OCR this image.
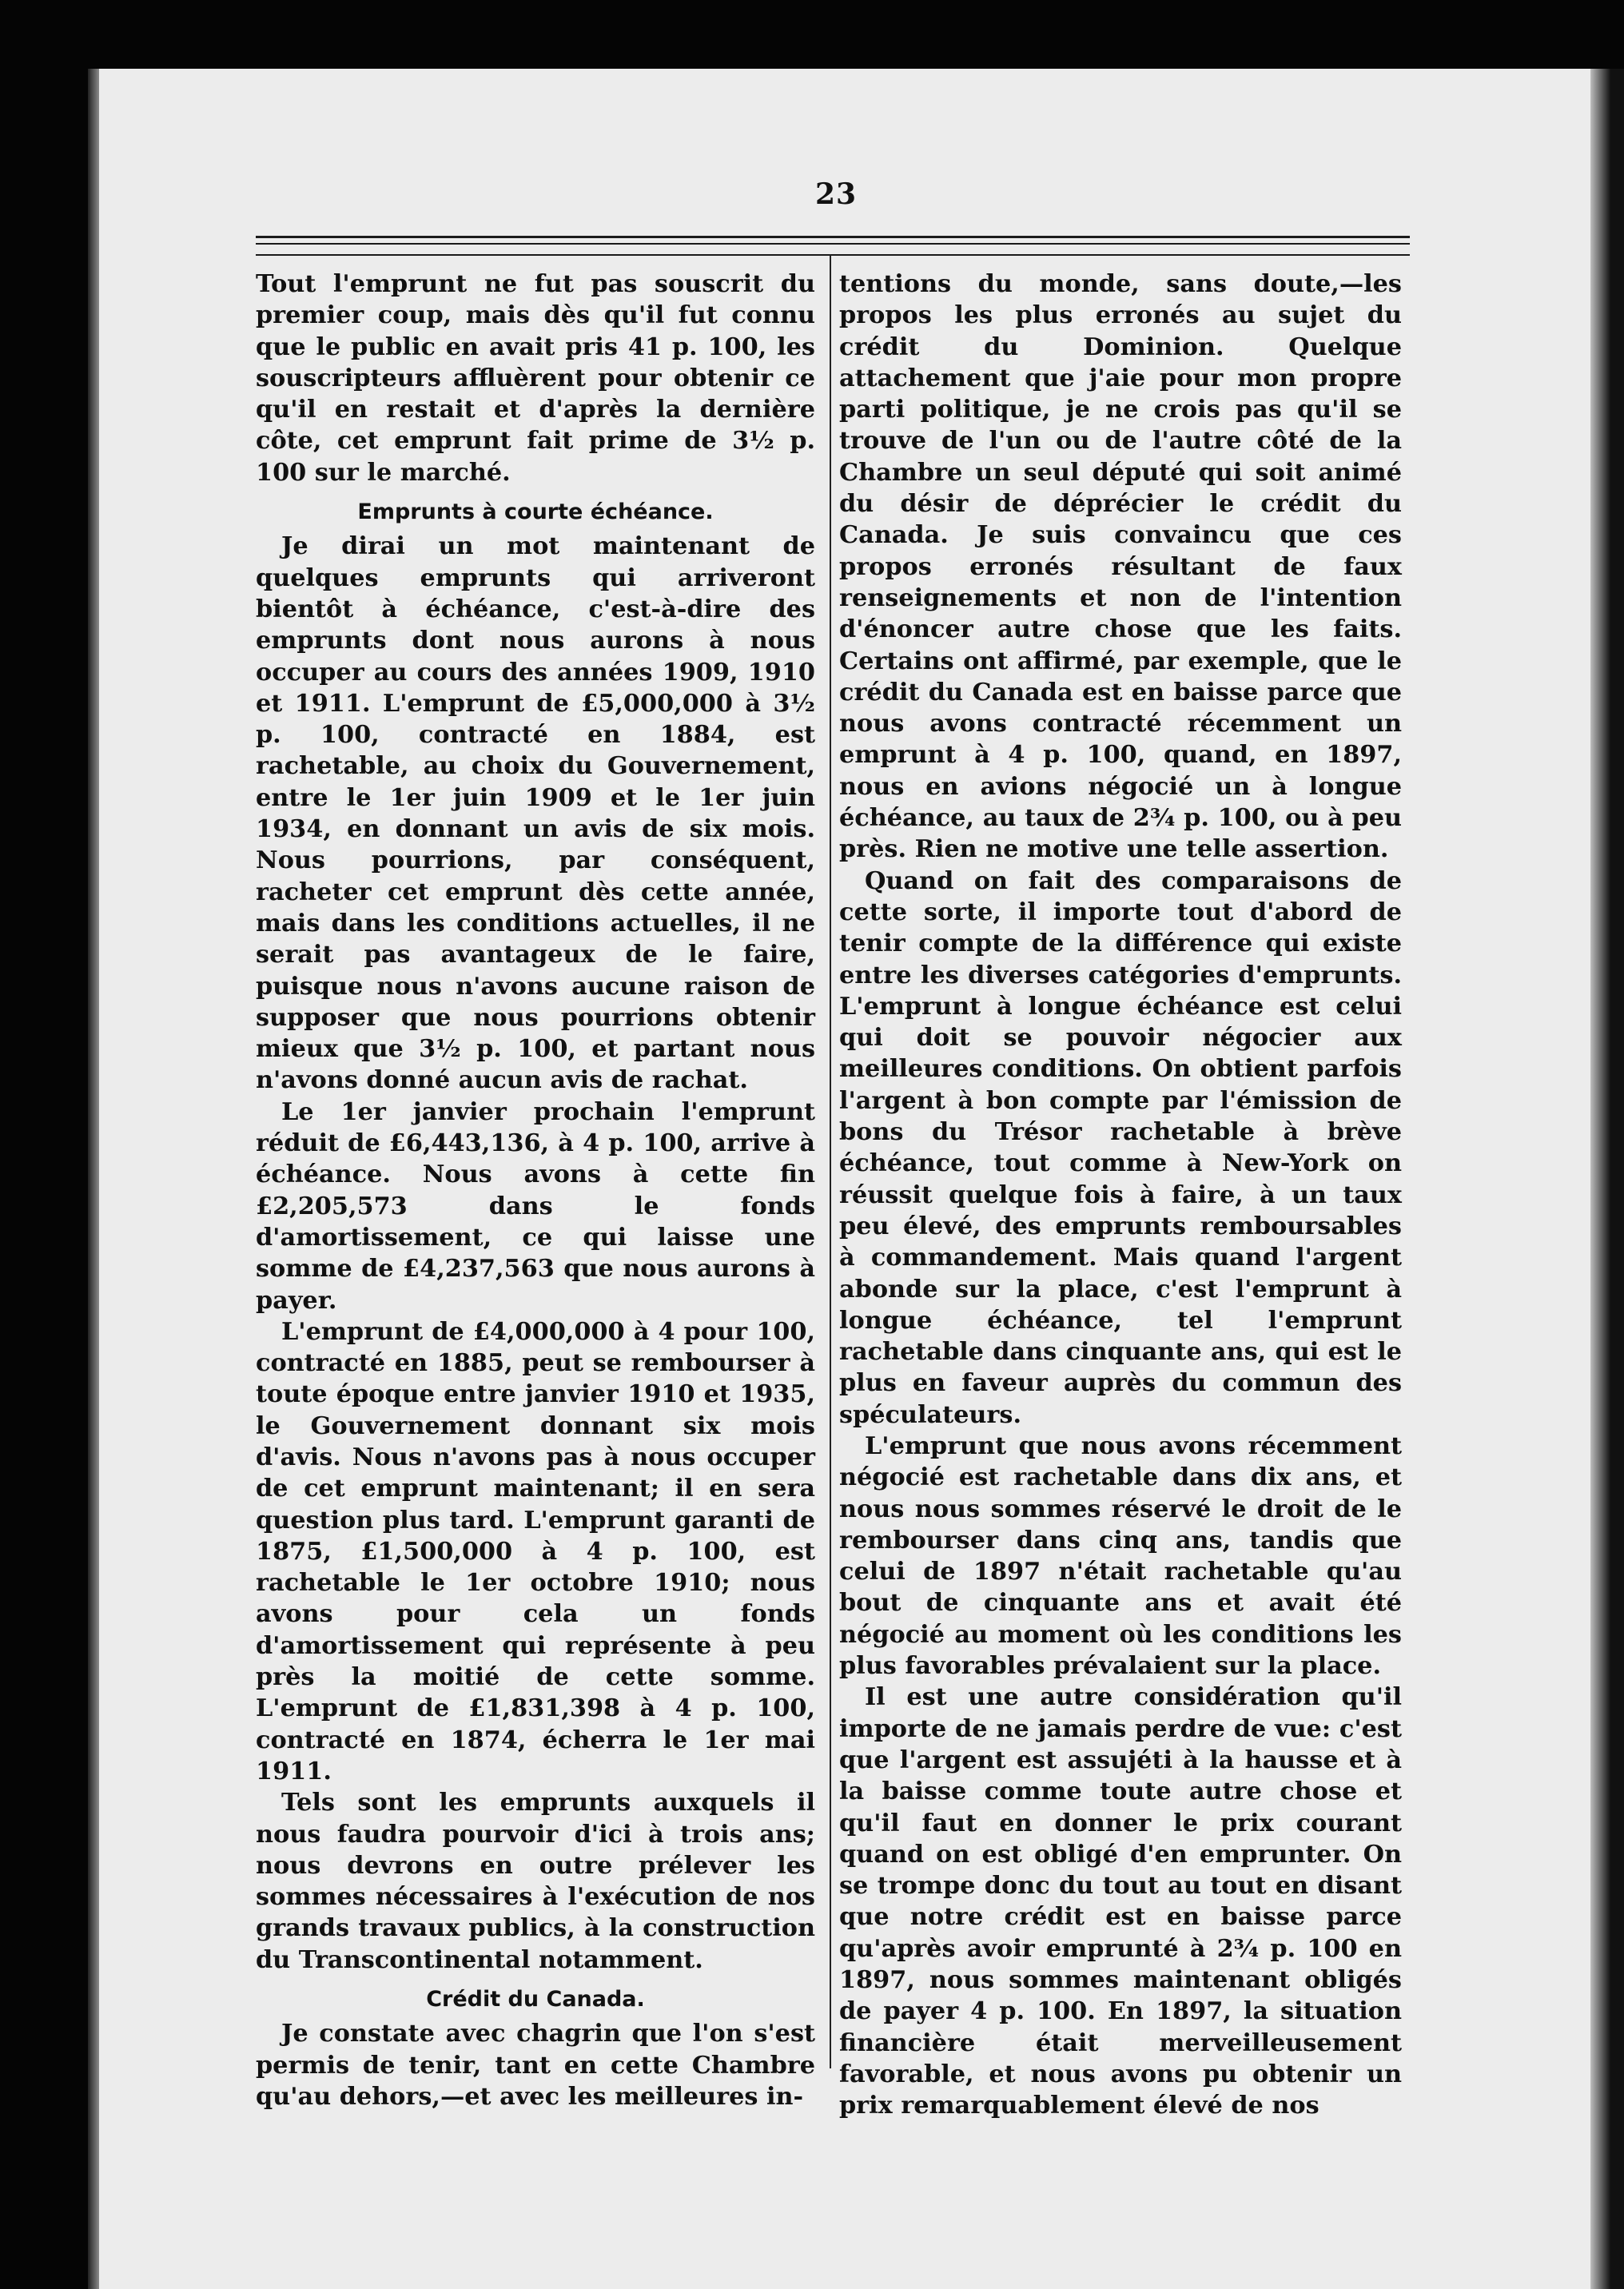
23

Tout l'emprunt ne fut pas souscrit du premier coup, mais dès qu'il fut connu que le public en avait pris 41 p. 100, les souscripteurs affluèrent pour obtenir ce qu'il en restait et d'après la dernière côte, cet emprunt fait prime de 3½ p. 100 sur le marché.

Emprunts à courte échéance.

Je dirai un mot maintenant de quelques emprunts qui arriveront bientôt à échéance, c'est-à-dire des emprunts dont nous aurons à nous occuper au cours des années 1909, 1910 et 1911. L'emprunt de £5,000,000 à 3½ p. 100, contracté en 1884, est rachetable, au choix du Gouvernement, entre le 1er juin 1909 et le 1er juin 1934, en donnant un avis de six mois. Nous pourrions, par conséquent, racheter cet emprunt dès cette année, mais dans les conditions actuelles, il ne serait pas avantageux de le faire, puisque nous n'avons aucune raison de supposer que nous pourrions obtenir mieux que 3½ p. 100, et partant nous n'avons donné aucun avis de rachat.

Le 1er janvier prochain l'emprunt réduit de £6,443,136, à 4 p. 100, arrive à échéance. Nous avons à cette fin £2,205,573 dans le fonds d'amortissement, ce qui laisse une somme de £4,237,563 que nous aurons à payer.

L'emprunt de £4,000,000 à 4 pour 100, contracté en 1885, peut se rembourser à toute époque entre janvier 1910 et 1935, le Gouvernement donnant six mois d'avis. Nous n'avons pas à nous occuper de cet emprunt maintenant; il en sera question plus tard. L'emprunt garanti de 1875, £1,500,000 à 4 p. 100, est rachetable le 1er octobre 1910; nous avons pour cela un fonds d'amortissement qui représente à peu près la moitié de cette somme. L'emprunt de £1,831,398 à 4 p. 100, contracté en 1874, écherra le 1er mai 1911.

Tels sont les emprunts auxquels il nous faudra pourvoir d'ici à trois ans; nous devrons en outre prélever les sommes nécessaires à l'exécution de nos grands travaux publics, à la construction du Transcontinental notamment.

Crédit du Canada.

Je constate avec chagrin que l'on s'est permis de tenir, tant en cette Chambre qu'au dehors,—et avec les meilleures in-

tentions du monde, sans doute,—les propos les plus erronés au sujet du crédit du Dominion. Quelque attachement que j'aie pour mon propre parti politique, je ne crois pas qu'il se trouve de l'un ou de l'autre côté de la Chambre un seul député qui soit animé du désir de déprécier le crédit du Canada. Je suis convaincu que ces propos erronés résultant de faux renseignements et non de l'intention d'énoncer autre chose que les faits. Certains ont affirmé, par exemple, que le crédit du Canada est en baisse parce que nous avons contracté récemment un emprunt à 4 p. 100, quand, en 1897, nous en avions négocié un à longue échéance, au taux de 2¾ p. 100, ou à peu près. Rien ne motive une telle assertion.

Quand on fait des comparaisons de cette sorte, il importe tout d'abord de tenir compte de la différence qui existe entre les diverses catégories d'emprunts. L'emprunt à longue échéance est celui qui doit se pouvoir négocier aux meilleures conditions. On obtient parfois l'argent à bon compte par l'émission de bons du Trésor rachetable à brève échéance, tout comme à New-York on réussit quelque fois à faire, à un taux peu élevé, des emprunts remboursables à commandement. Mais quand l'argent abonde sur la place, c'est l'emprunt à longue échéance, tel l'emprunt rachetable dans cinquante ans, qui est le plus en faveur auprès du commun des spéculateurs.

L'emprunt que nous avons récemment négocié est rachetable dans dix ans, et nous nous sommes réservé le droit de le rembourser dans cinq ans, tandis que celui de 1897 n'était rachetable qu'au bout de cinquante ans et avait été négocié au moment où les conditions les plus favorables prévalaient sur la place.

Il est une autre considération qu'il importe de ne jamais perdre de vue: c'est que l'argent est assujéti à la hausse et à la baisse comme toute autre chose et qu'il faut en donner le prix courant quand on est obligé d'en emprunter. On se trompe donc du tout au tout en disant que notre crédit est en baisse parce qu'après avoir emprunté à 2¾ p. 100 en 1897, nous sommes maintenant obligés de payer 4 p. 100. En 1897, la situation financière était merveilleusement favorable, et nous avons pu obtenir un prix remarquablement élevé de nos
